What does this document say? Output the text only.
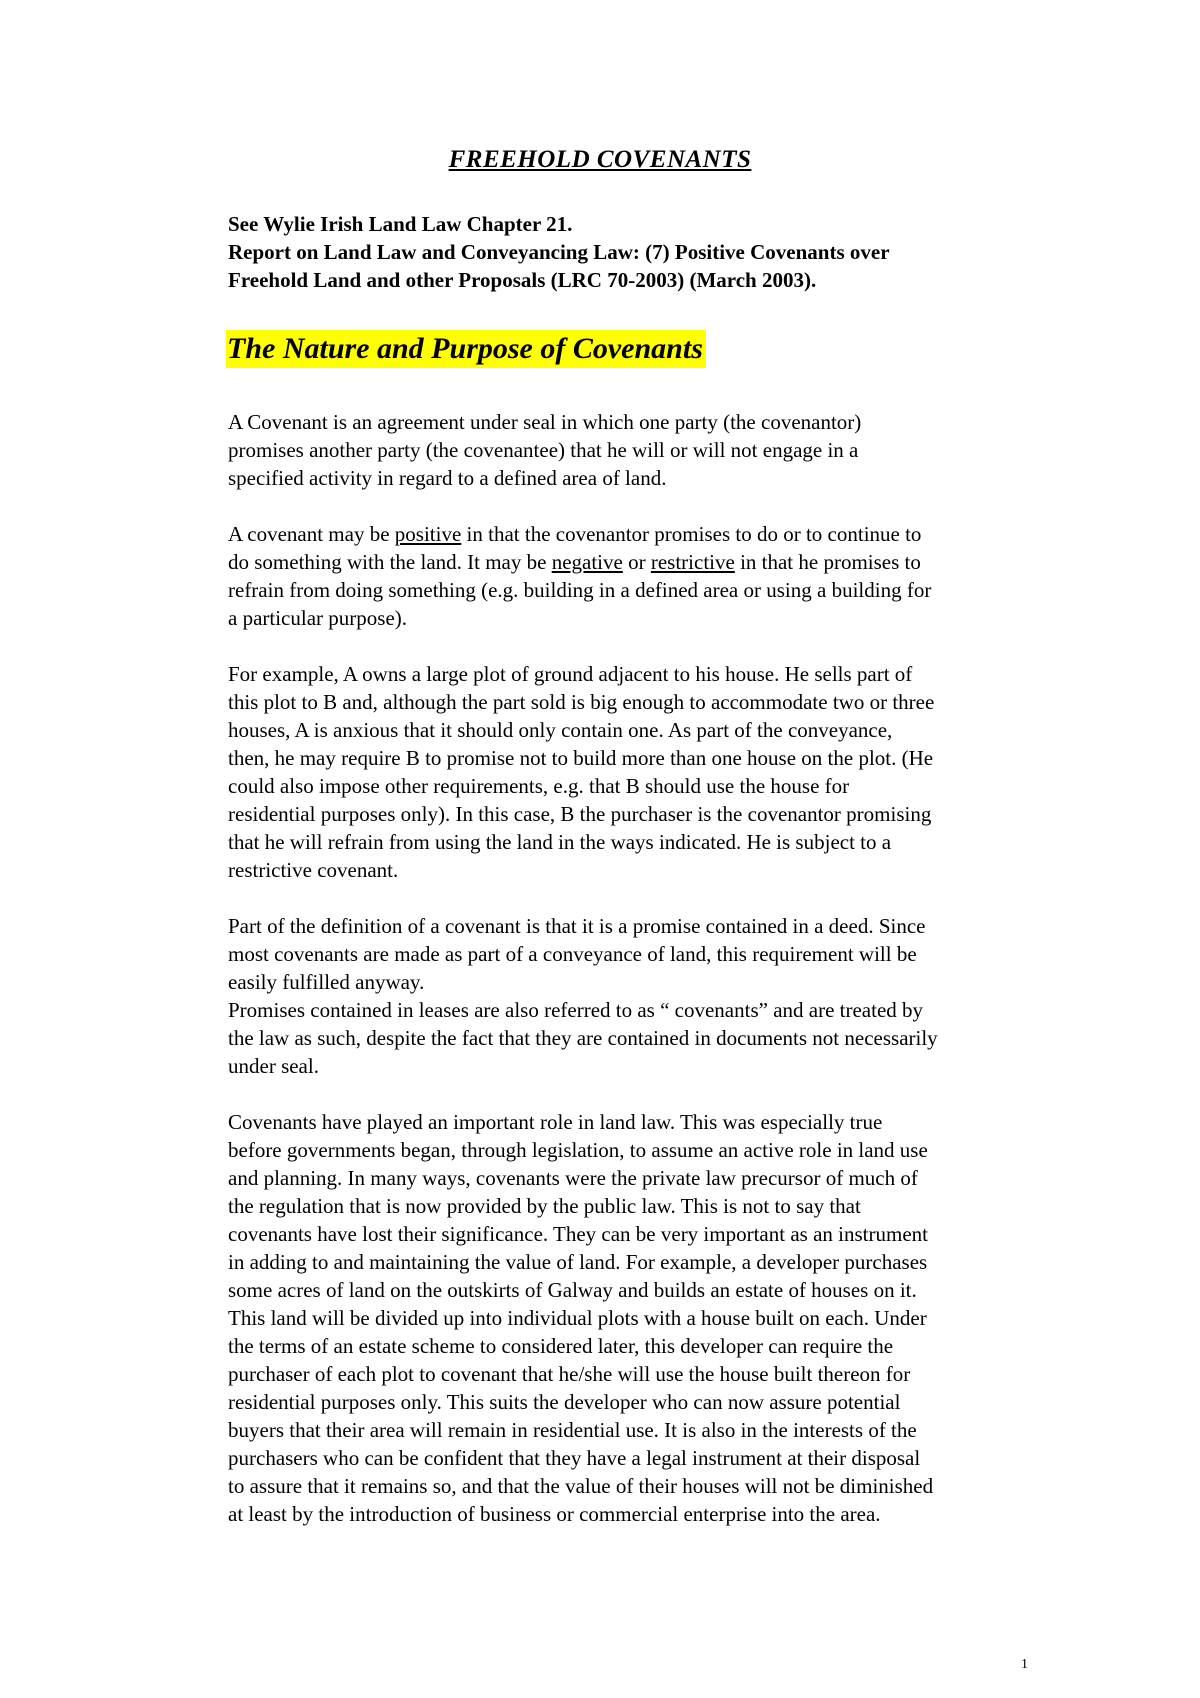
FREEHOLD COVENANTS
See Wylie Irish Land Law Chapter 21.
Report on Land Law and Conveyancing Law: (7) Positive Covenants over
Freehold Land and other Proposals (LRC 70-2003) (March 2003).
The Nature and Purpose of Covenants
A Covenant is an agreement under seal in which one party (the covenantor)
promises another party (the covenantee) that he will or will not engage in a
specified activity in regard to a defined area of land.
A covenant may be positive in that the covenantor promises to do or to continue to
do something with the land. It may be negative or restrictive in that he promises to
refrain from doing something (e.g. building in a defined area or using a building for
a particular purpose).
For example, A owns a large plot of ground adjacent to his house. He sells part of
this plot to B and, although the part sold is big enough to accommodate two or three
houses, A is anxious that it should only contain one. As part of the conveyance,
then, he may require B to promise not to build more than one house on the plot. (He
could also impose other requirements, e.g. that B should use the house for
residential purposes only). In this case, B the purchaser is the covenantor promising
that he will refrain from using the land in the ways indicated. He is subject to a
restrictive covenant.
Part of the definition of a covenant is that it is a promise contained in a deed. Since
most covenants are made as part of a conveyance of land, this requirement will be
easily fulfilled anyway.
Promises contained in leases are also referred to as “ covenants” and are treated by
the law as such, despite the fact that they are contained in documents not necessarily
under seal.
Covenants have played an important role in land law. This was especially true
before governments began, through legislation, to assume an active role in land use
and planning. In many ways, covenants were the private law precursor of much of
the regulation that is now provided by the public law. This is not to say that
covenants have lost their significance. They can be very important as an instrument
in adding to and maintaining the value of land. For example, a developer purchases
some acres of land on the outskirts of Galway and builds an estate of houses on it.
This land will be divided up into individual plots with a house built on each. Under
the terms of an estate scheme to considered later, this developer can require the
purchaser of each plot to covenant that he/she will use the house built thereon for
residential purposes only. This suits the developer who can now assure potential
buyers that their area will remain in residential use. It is also in the interests of the
purchasers who can be confident that they have a legal instrument at their disposal
to assure that it remains so, and that the value of their houses will not be diminished
at least by the introduction of business or commercial enterprise into the area.
1
